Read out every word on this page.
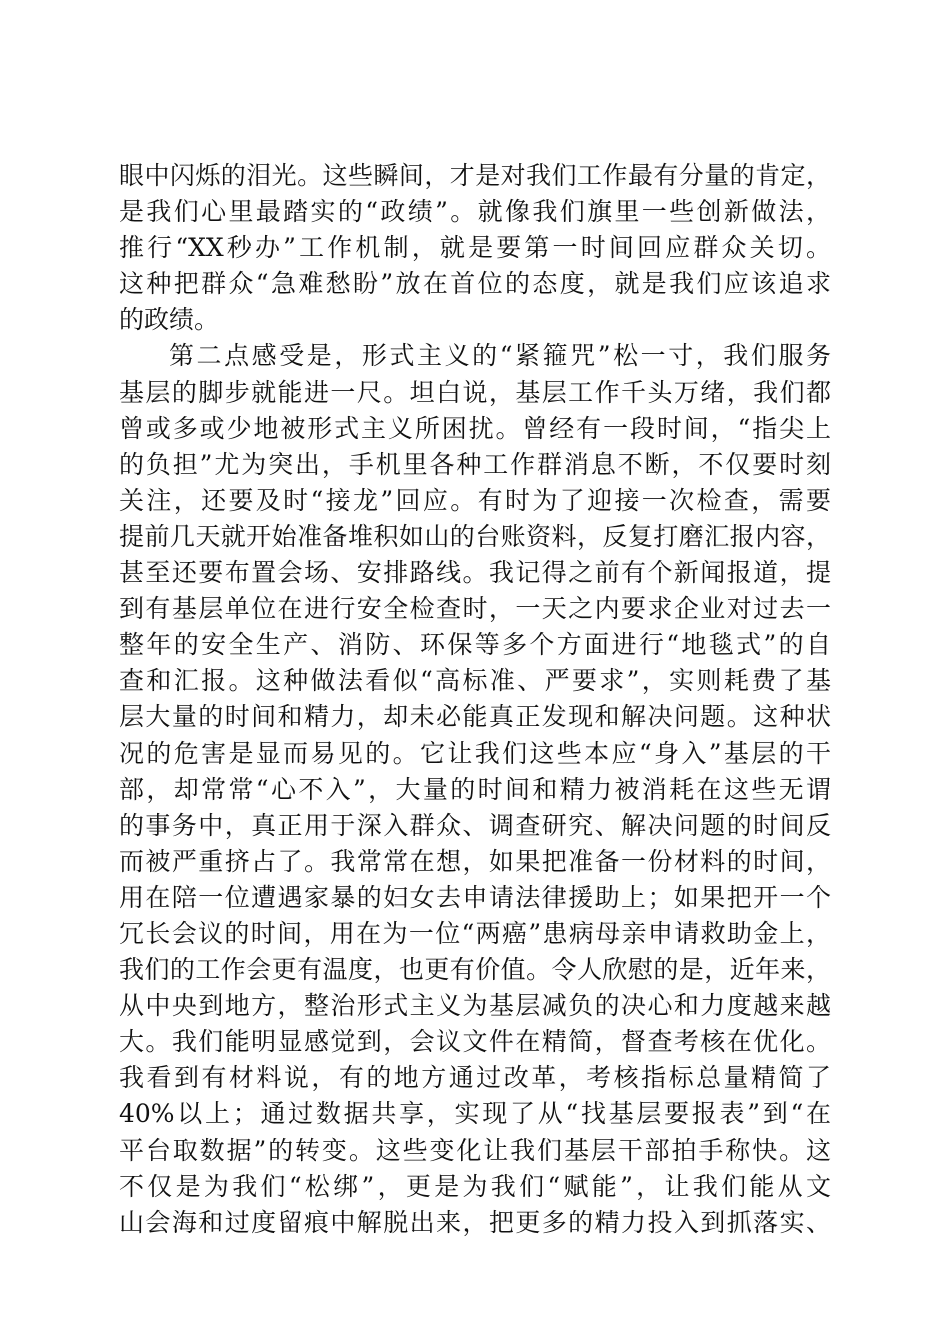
眼中闪烁的泪光。这些瞬间，才是对我们工作最有分量的肯定，
是我们心里最踏实的“政绩”。就像我们旗里一些创新做法，
推行“XX秒办”工作机制，就是要第一时间回应群众关切。
这种把群众“急难愁盼”放在首位的态度，就是我们应该追求
的政绩。
第二点感受是，形式主义的“紧箍咒”松一寸，我们服务
基层的脚步就能进一尺。坦白说，基层工作千头万绪，我们都
曾或多或少地被形式主义所困扰。曾经有一段时间，“指尖上
的负担”尤为突出，手机里各种工作群消息不断，不仅要时刻
关注，还要及时“接龙”回应。有时为了迎接一次检查，需要
提前几天就开始准备堆积如山的台账资料，反复打磨汇报内容，
甚至还要布置会场、安排路线。我记得之前有个新闻报道，提
到有基层单位在进行安全检查时，一天之内要求企业对过去一
整年的安全生产、消防、环保等多个方面进行“地毯式”的自
查和汇报。这种做法看似“高标准、严要求”，实则耗费了基
层大量的时间和精力，却未必能真正发现和解决问题。这种状
况的危害是显而易见的。它让我们这些本应“身入”基层的干
部，却常常“心不入”，大量的时间和精力被消耗在这些无谓
的事务中，真正用于深入群众、调查研究、解决问题的时间反
而被严重挤占了。我常常在想，如果把准备一份材料的时间，
用在陪一位遭遇家暴的妇女去申请法律援助上；如果把开一个
冗长会议的时间，用在为一位“两癌”患病母亲申请救助金上，
我们的工作会更有温度，也更有价值。令人欣慰的是，近年来，
从中央到地方，整治形式主义为基层减负的决心和力度越来越
大。我们能明显感觉到，会议文件在精简，督查考核在优化。
我看到有材料说，有的地方通过改革，考核指标总量精简了
40%以上；通过数据共享，实现了从“找基层要报表”到“在
平台取数据”的转变。这些变化让我们基层干部拍手称快。这
不仅是为我们“松绑”，更是为我们“赋能”，让我们能从文
山会海和过度留痕中解脱出来，把更多的精力投入到抓落实、
